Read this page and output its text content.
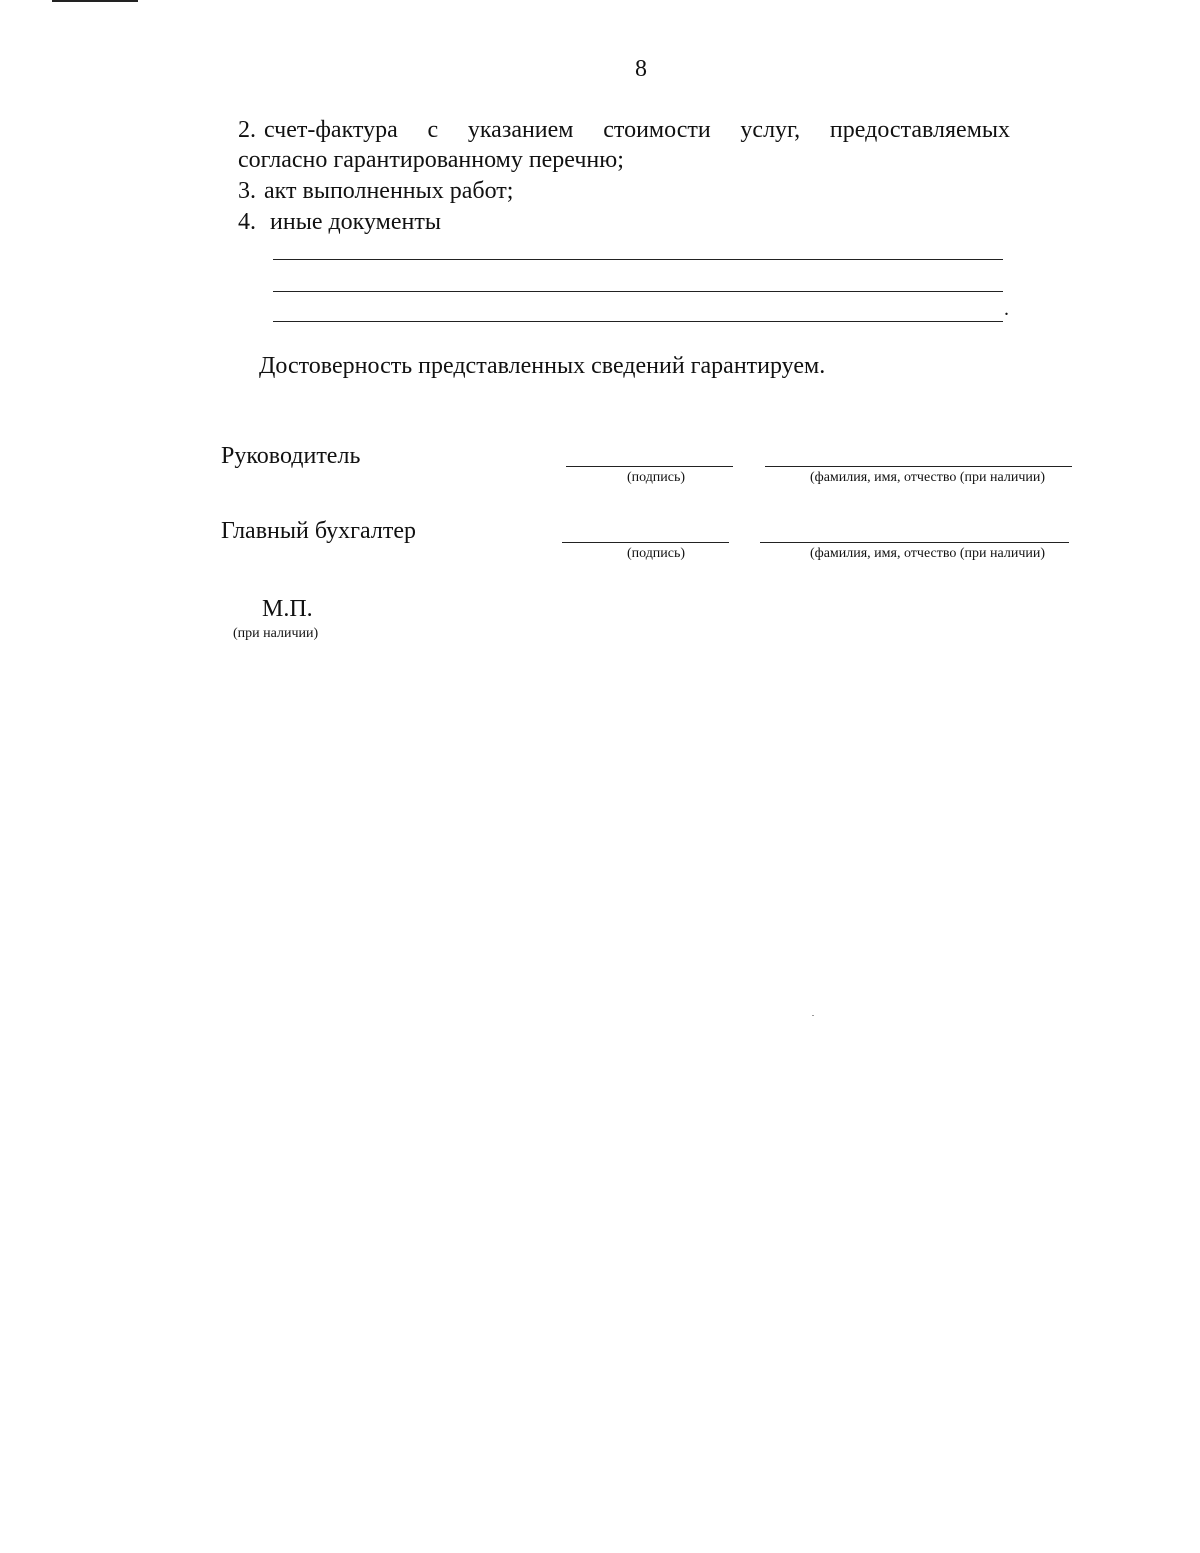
8
2. счет-фактура с указанием стоимости услуг, предоставляемых
согласно гарантированному перечню;
3. акт выполненных работ;
4. иные документы
.
Достоверность представленных сведений гарантируем.
Руководитель
(подпись)	(фамилия, имя, отчество (при наличии)
Главный бухгалтер
(подпись)	(фамилия, имя, отчество (при наличии)
М.П.
(при наличии)
